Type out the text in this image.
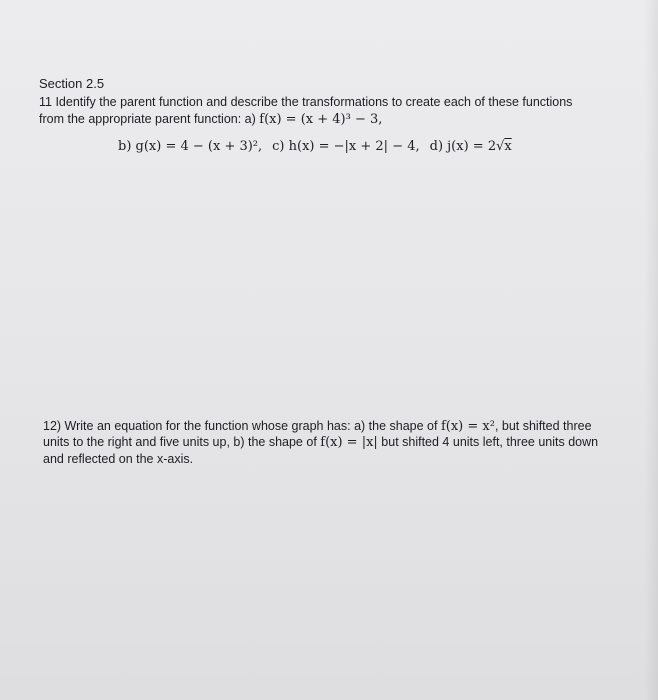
Section 2.5
11 Identify the parent function and describe the transformations to create each of these functions
from the appropriate parent function: a) f(x) = (x + 4)³ − 3,
b) g(x) = 4 − (x + 3)², c) h(x) = −|x + 2| − 4, d) j(x) = 2√x
12) Write an equation for the function whose graph has: a) the shape of f(x) = x², but shifted three
units to the right and five units up, b) the shape of f(x) = |x| but shifted 4 units left, three units down
and reflected on the x-axis.
